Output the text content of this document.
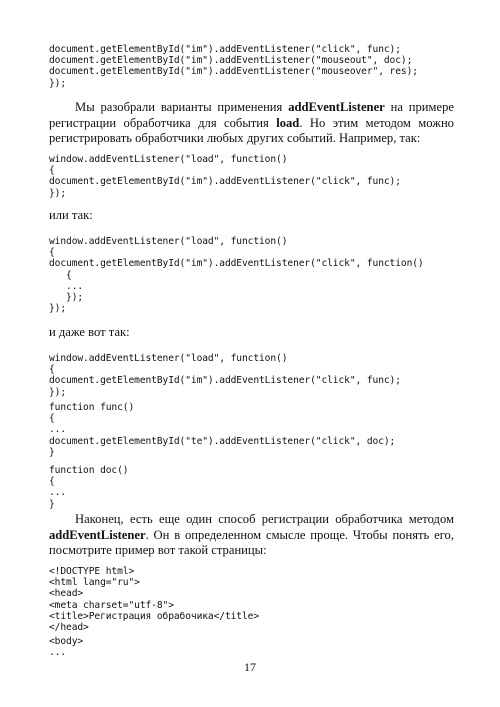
document.getElementById("im").addEventListener("click", func);
document.getElementById("im").addEventListener("mouseout", doc);
document.getElementById("im").addEventListener("mouseover", res);
});

Мы разобрали варианты применения addEventListener на примере регистрации обработчика для события load. Но этим методом можно регистрировать обработчики любых других событий. Например, так:

window.addEventListener("load", function()
{
document.getElementById("im").addEventListener("click", func);
});

или так:

window.addEventListener("load", function()
{
document.getElementById("im").addEventListener("click", function()
{
...
});
});

и даже вот так:

window.addEventListener("load", function()
{
document.getElementById("im").addEventListener("click", func);
});
function func()
{
...
document.getElementById("te").addEventListener("click", doc);
}
function doc()
{
...
}

Наконец, есть еще один способ регистрации обработчика методом addEventListener. Он в определенном смысле проще. Чтобы понять его, посмотрите пример вот такой страницы:

<!DOCTYPE html>
<html lang="ru">
<head>
<meta charset="utf-8">
<title>Регистрация обрабочика</title>
</head>
<body>
...
17
